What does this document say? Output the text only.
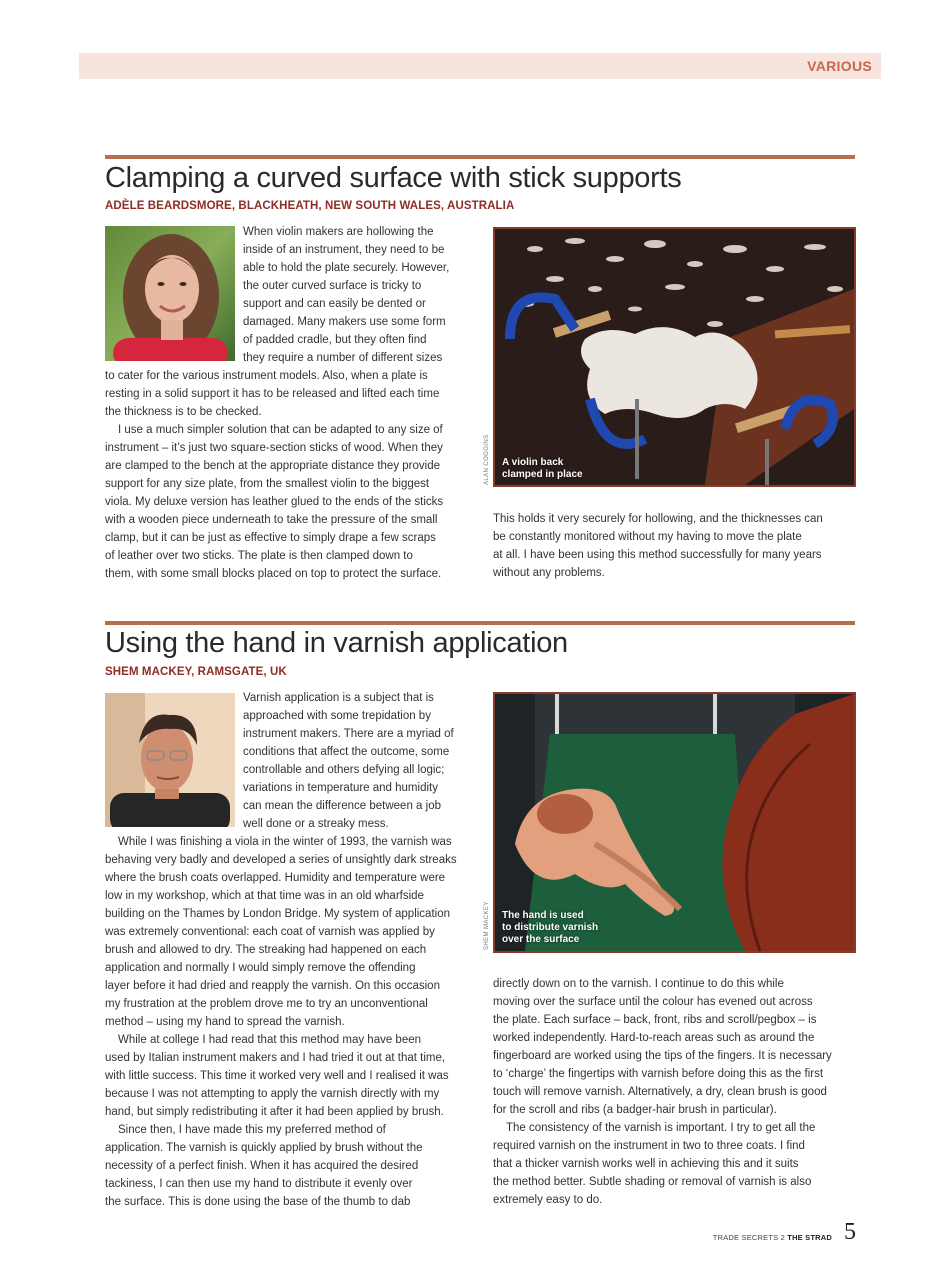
VARIOUS
Clamping a curved surface with stick supports
ADÈLE BEARDSMORE, BLACKHEATH, NEW SOUTH WALES, AUSTRALIA

When violin makers are hollowing the

inside of an instrument, they need to be

able to hold the plate securely. However,

the outer curved surface is tricky to

support and can easily be dented or

damaged. Many makers use some form

of padded cradle, but they often find

they require a number of different sizes

to cater for the various instrument models. Also, when a plate is

resting in a solid support it has to be released and lifted each time

the thickness is to be checked.

I use a much simpler solution that can be adapted to any size of

instrument – it’s just two square-section sticks of wood. When they

are clamped to the bench at the appropriate distance they provide

support for any size plate, from the smallest violin to the biggest

viola. My deluxe version has leather glued to the ends of the sticks

with a wooden piece underneath to take the pressure of the small

clamp, but it can be just as effective to simply drape a few scraps

of leather over two sticks. The plate is then clamped down to

them, with some small blocks placed on top to protect the surface.

ALAN COGGINS A violin back
clamped in place

This holds it very securely for hollowing, and the thicknesses can

be constantly monitored without my having to move the plate

at all. I have been using this method successfully for many years

without any problems.

Using the hand in varnish application
SHEM MACKEY, RAMSGATE, UK

Varnish application is a subject that is

approached with some trepidation by

instrument makers. There are a myriad of

conditions that affect the outcome, some

controllable and others defying all logic;

variations in temperature and humidity

can mean the difference between a job

well done or a streaky mess.

While I was finishing a viola in the winter of 1993, the varnish was

behaving very badly and developed a series of unsightly dark streaks

where the brush coats overlapped. Humidity and temperature were

low in my workshop, which at that time was in an old wharfside

building on the Thames by London Bridge. My system of application

was extremely conventional: each coat of varnish was applied by

brush and allowed to dry. The streaking had happened on each

application and normally I would simply remove the offending

layer before it had dried and reapply the varnish. On this occasion

my frustration at the problem drove me to try an unconventional

method – using my hand to spread the varnish.

While at college I had read that this method may have been

used by Italian instrument makers and I had tried it out at that time,

with little success. This time it worked very well and I realised it was

because I was not attempting to apply the varnish directly with my

hand, but simply redistributing it after it had been applied by brush.

Since then, I have made this my preferred method of

application. The varnish is quickly applied by brush without the

necessity of a perfect finish. When it has acquired the desired

tackiness, I can then use my hand to distribute it evenly over

the surface. This is done using the base of the thumb to dab

SHEM MACKEY The hand is used
to distribute varnish
over the surface

directly down on to the varnish. I continue to do this while

moving over the surface until the colour has evened out across

the plate. Each surface – back, front, ribs and scroll/pegbox – is

worked independently. Hard-to-reach areas such as around the

fingerboard are worked using the tips of the fingers. It is necessary

to ‘charge’ the fingertips with varnish before doing this as the first

touch will remove varnish. Alternatively, a dry, clean brush is good

for the scroll and ribs (a badger-hair brush in particular).

The consistency of the varnish is important. I try to get all the

required varnish on the instrument in two to three coats. I find

that a thicker varnish works well in achieving this and it suits

the method better. Subtle shading or removal of varnish is also

extremely easy to do.

TRADE SECRETS 2 THE STRAD 5
